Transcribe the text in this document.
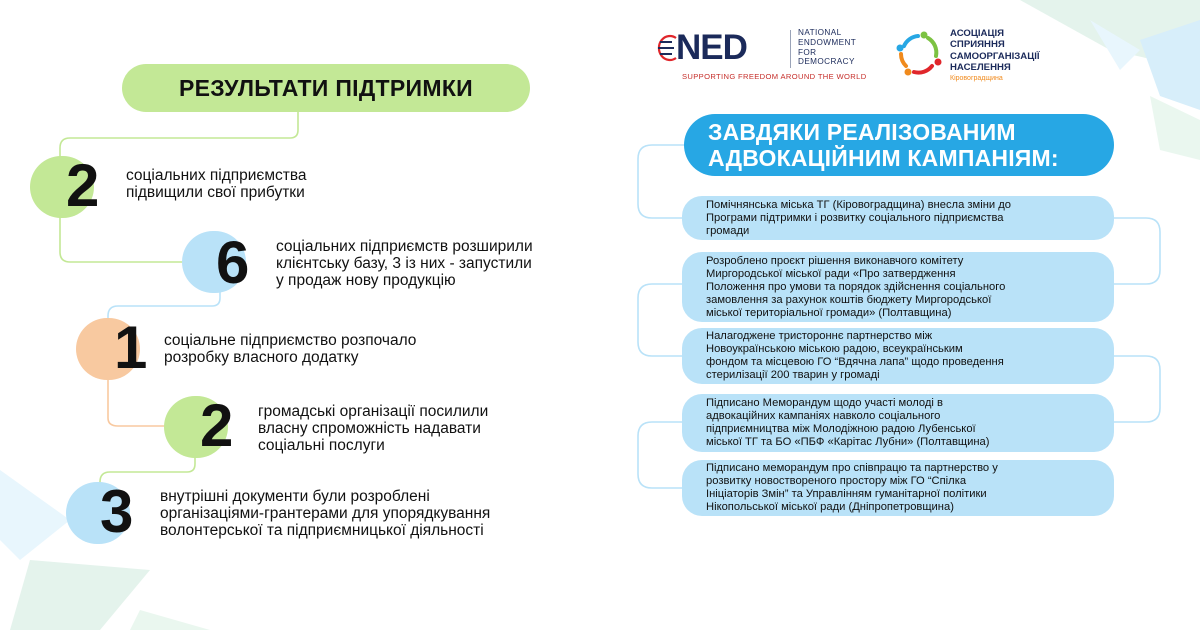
NED	NATIONAL
ENDOWMENT
FOR
DEMOCRACY
SUPPORTING FREEDOM AROUND THE WORLD
АСОЦІАЦІЯ
СПРИЯННЯ
САМООРГАНІЗАЦІЇ
НАСЕЛЕННЯ
Кіровоградщина
РЕЗУЛЬТАТИ ПІДТРИМКИ
2 соціальних підприємства
підвищили свої прибутки
6 соціальних підприємств розширили
клієнтську базу, 3 із них - запустили
у продаж нову продукцію
1 соціальне підприємство розпочало
розробку власного додатку
2 громадські організації посилили
власну спроможність надавати
соціальні послуги
3 внутрішні документи були розроблені
організаціями-грантерами для упорядкування
волонтерської та підприємницької діяльності
ЗАВДЯКИ РЕАЛІЗОВАНИМ
АДВОКАЦІЙНИМ КАМПАНІЯМ:
Помічнянська міська ТГ (Кіровоградщина) внесла зміни до
Програми підтримки і розвитку соціального підприємства
громади
Розроблено проєкт рішення виконавчого комітету
Миргородської міської ради «Про затвердження
Положення про умови та порядок здійснення соціального
замовлення за рахунок коштів бюджету Миргородської
міської територіальної громади» (Полтавщина)
Налагоджене тристороннє партнерство між
Новоукраїнською міською радою, всеукраїнським
фондом та місцевою ГО “Вдячна лапа” щодо проведення
стерилізації 200 тварин у громаді
Підписано Меморандум щодо участі молоді в
адвокаційних кампаніях навколо соціального
підприємництва між Молодіжною радою Лубенської
міської ТГ та БО «ПБФ «Карітас Лубни» (Полтавщина)
Підписано меморандум про співпрацю та партнерство у
розвитку новоствореного простору між ГО “Спілка
Ініціаторів Змін” та Управлінням гуманітарної політики
Нікопольської міської ради (Дніпропетровщина)
